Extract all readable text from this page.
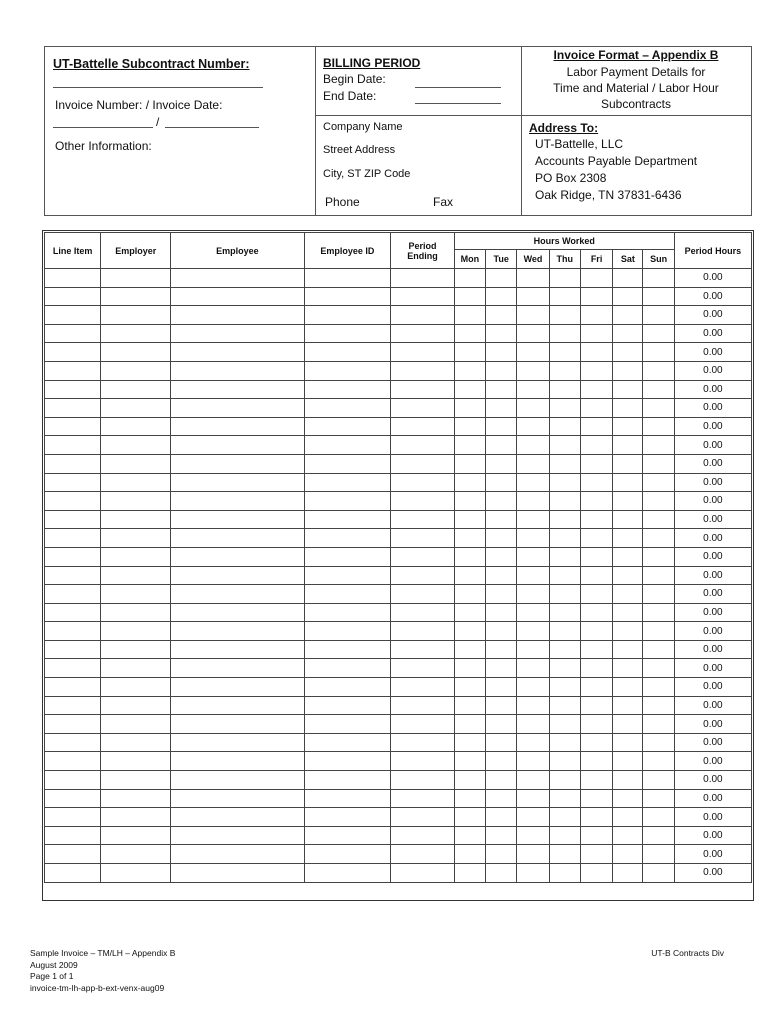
UT-Battelle Subcontract Number:
Invoice Number: / Invoice Date:
/
Other Information:
BILLING PERIOD
Begin Date:
End Date:
Company Name
Street Address
City, ST ZIP Code
Phone	Fax
Invoice Format – Appendix B
Labor Payment Details for
Time and Material / Labor Hour
Subcontracts
Address To:
UT-Battelle, LLC
Accounts Payable Department
PO Box 2308
Oak Ridge, TN 37831-6436
Line Item	Employer	Employee	Employee ID	Period
Ending	Hours Worked							Period Hours
					Mon	Tue	Wed	Thu	Fri	Sat	Sun	
												0.00
												0.00
												0.00
												0.00
												0.00
												0.00
												0.00
												0.00
												0.00
												0.00
												0.00
												0.00
												0.00
												0.00
												0.00
												0.00
												0.00
												0.00
												0.00
												0.00
												0.00
												0.00
												0.00
												0.00
												0.00
												0.00
												0.00
												0.00
												0.00
												0.00
												0.00
												0.00
												0.00
Sample Invoice – TM/LH – Appendix B
August 2009
Page 1 of 1
invoice-tm-lh-app-b-ext-venx-aug09
UT-B Contracts Div
